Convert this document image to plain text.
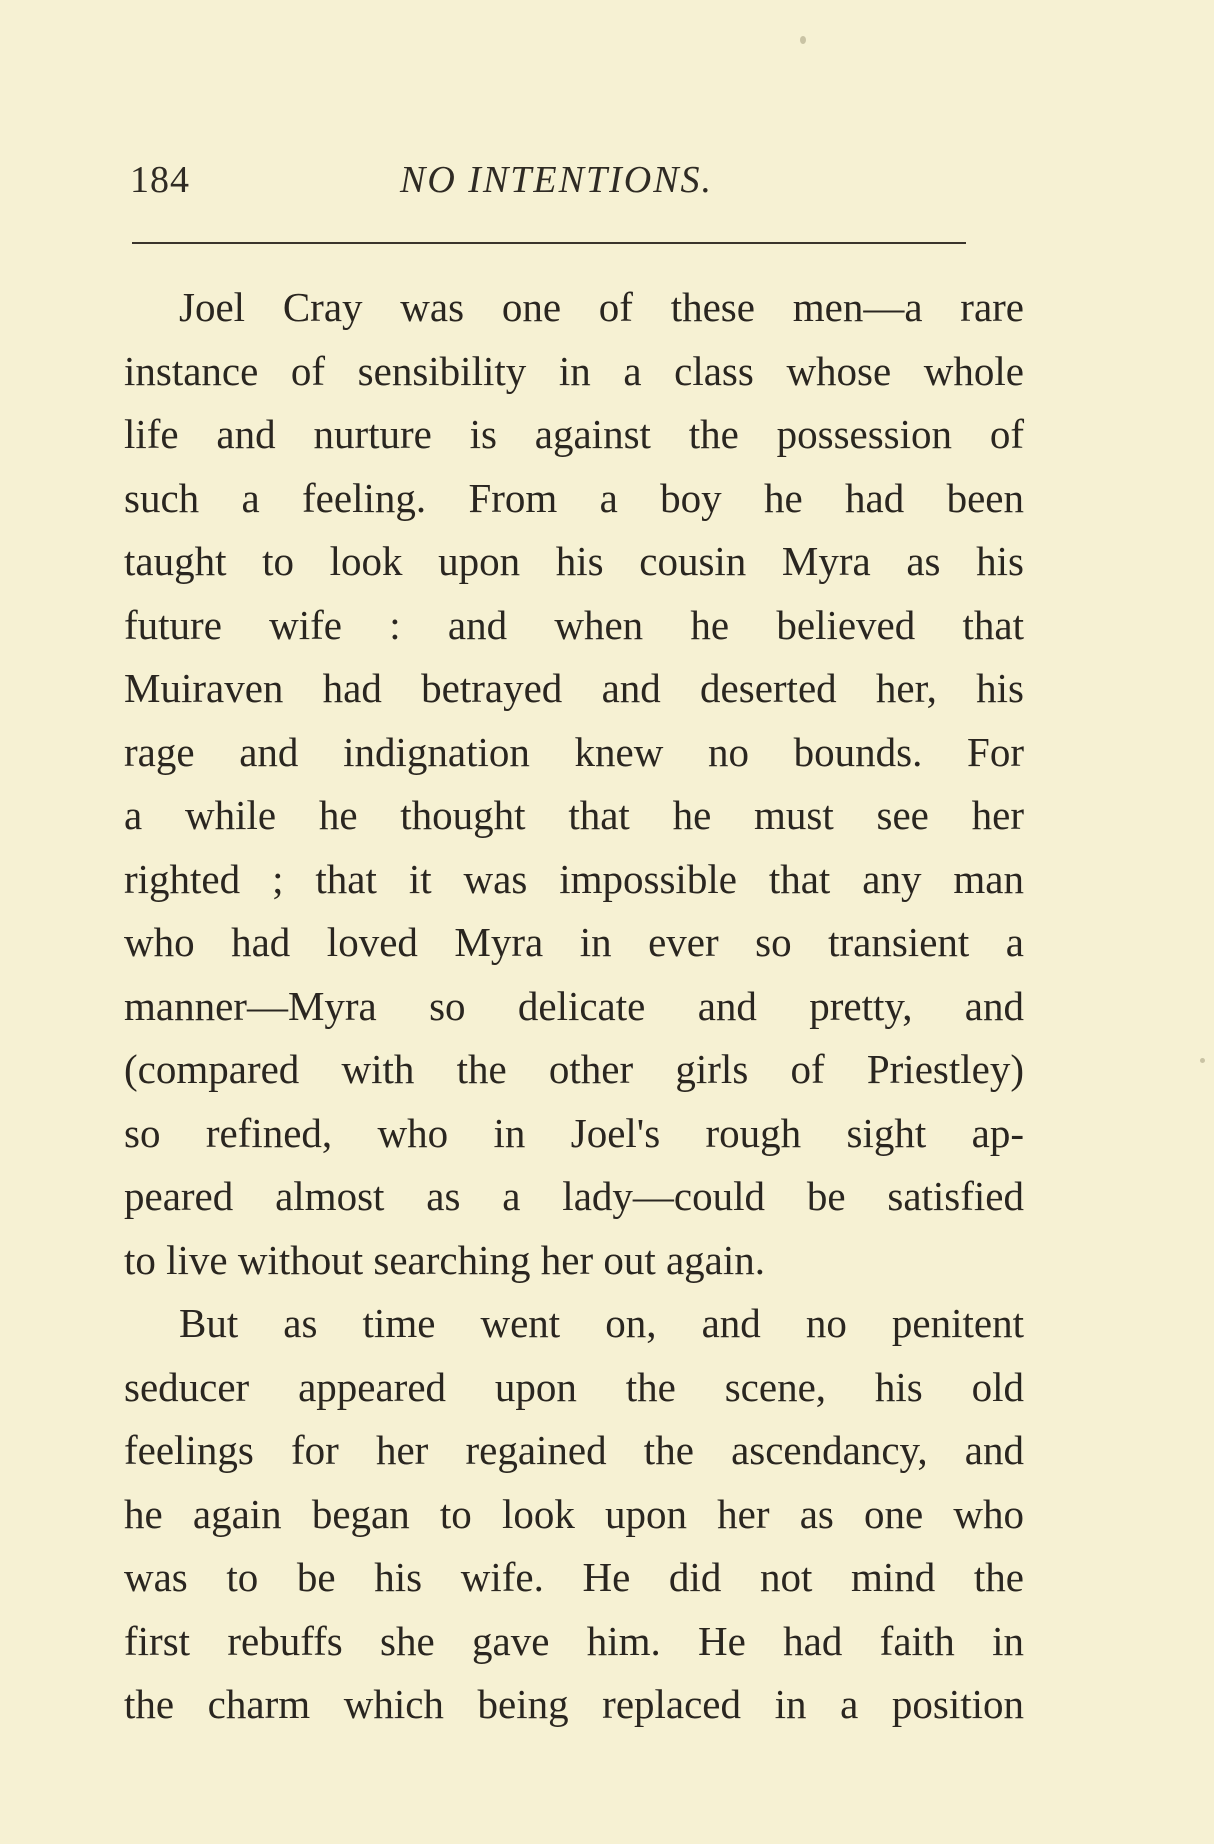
184	NO INTENTIONS.
Joel Cray was one of these men—a rare
instance of sensibility in a class whose whole
life and nurture is against the possession of
such a feeling. From a boy he had been
taught to look upon his cousin Myra as his
future wife : and when he believed that
Muiraven had betrayed and deserted her, his
rage and indignation knew no bounds. For
a while he thought that he must see her
righted ; that it was impossible that any man
who had loved Myra in ever so transient a
manner—Myra so delicate and pretty, and
(compared with the other girls of Priestley)
so refined, who in Joel's rough sight ap-
peared almost as a lady—could be satisfied
to live without searching her out again.
But as time went on, and no penitent
seducer appeared upon the scene, his old
feelings for her regained the ascendancy, and
he again began to look upon her as one who
was to be his wife. He did not mind the
first rebuffs she gave him. He had faith in
the charm which being replaced in a position
